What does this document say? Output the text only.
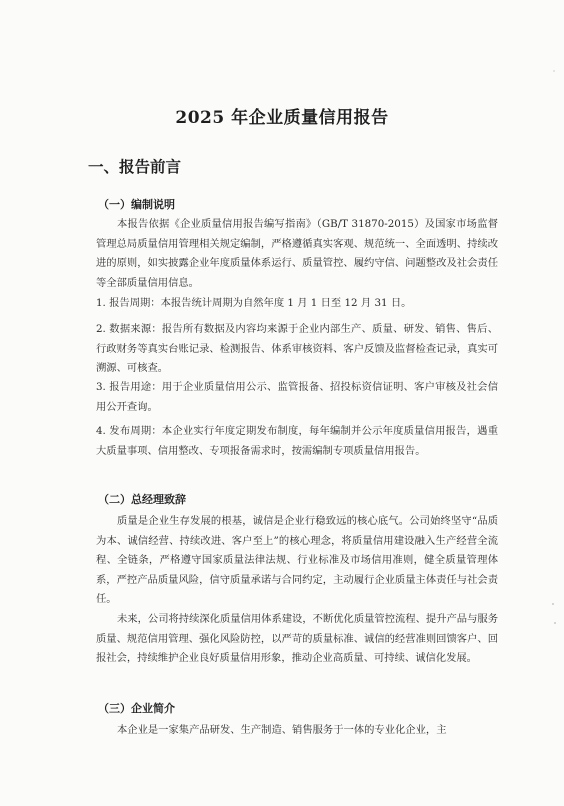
2025 年企业质量信用报告
一、报告前言
（一）编制说明
本报告依据《企业质量信用报告编写指南》（GB/T 31870-2015）及国家市场监督管理总局质量信用管理相关规定编制，严格遵循真实客观、规范统一、全面透明、持续改进的原则，如实披露企业年度质量体系运行、质量管控、履约守信、问题整改及社会责任等全部质量信用信息。
1. 报告周期：本报告统计周期为自然年度 1 月 1 日至 12 月 31 日。
2. 数据来源：报告所有数据及内容均来源于企业内部生产、质量、研发、销售、售后、行政财务等真实台账记录、检测报告、体系审核资料、客户反馈及监督检查记录，真实可溯源、可核查。
3. 报告用途：用于企业质量信用公示、监管报备、招投标资信证明、客户审核及社会信用公开查询。
4. 发布周期：本企业实行年度定期发布制度，每年编制并公示年度质量信用报告，遇重大质量事项、信用整改、专项报备需求时，按需编制专项质量信用报告。
（二）总经理致辞
质量是企业生存发展的根基，诚信是企业行稳致远的核心底气。公司始终坚守“品质为本、诚信经营、持续改进、客户至上”的核心理念，将质量信用建设融入生产经营全流程、全链条，严格遵守国家质量法律法规、行业标准及市场信用准则，健全质量管理体系，严控产品质量风险，信守质量承诺与合同约定，主动履行企业质量主体责任与社会责任。
未来，公司将持续深化质量信用体系建设，不断优化质量管控流程、提升产品与服务质量、规范信用管理、强化风险防控，以严苛的质量标准、诚信的经营准则回馈客户、回报社会，持续维护企业良好质量信用形象，推动企业高质量、可持续、诚信化发展。
（三）企业简介
本企业是一家集产品研发、生产制造、销售服务于一体的专业化企业，主
